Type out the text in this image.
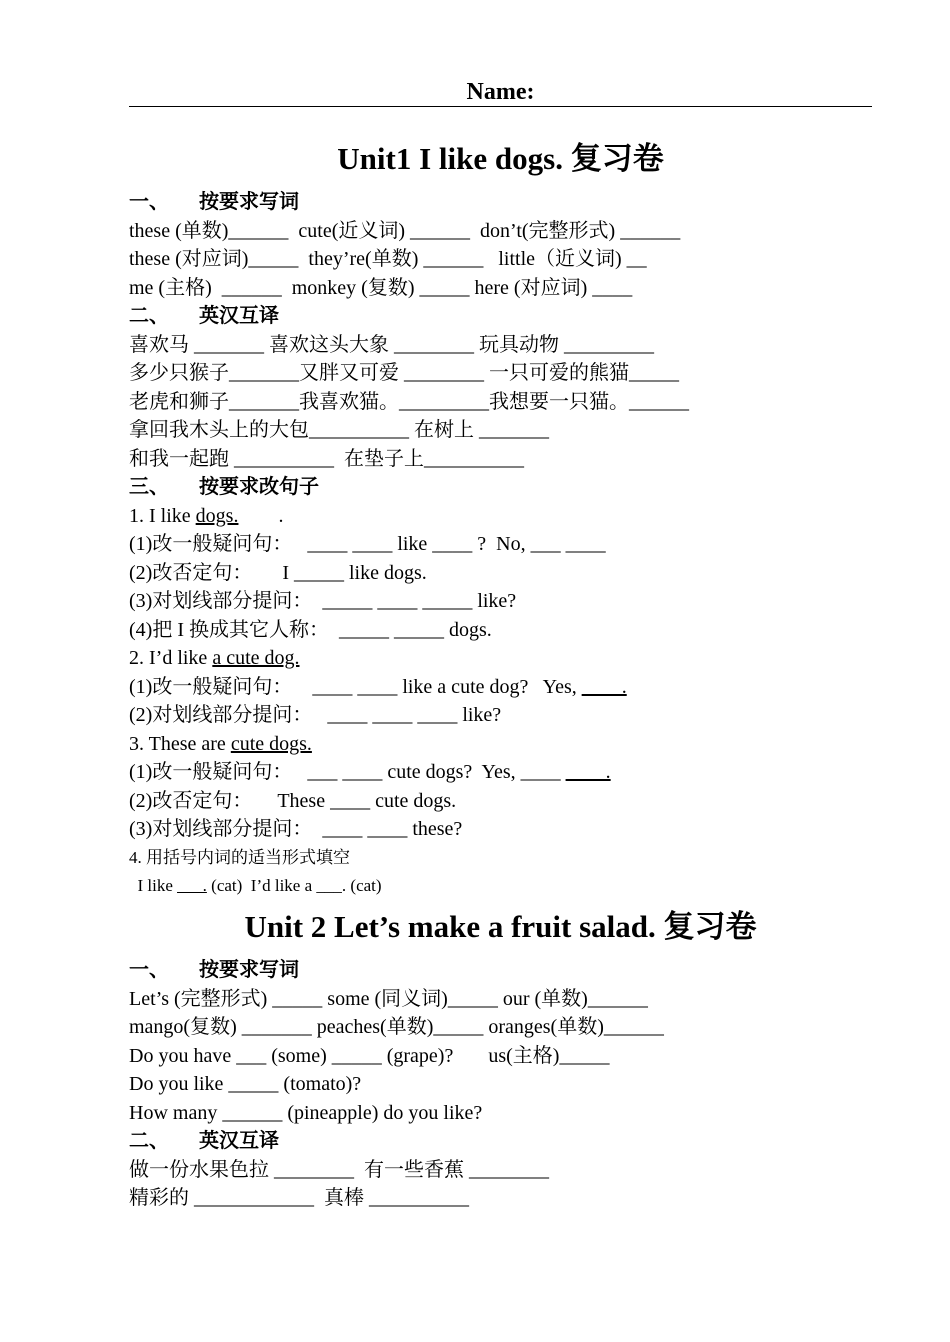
Name:
Unit1 I like dogs. 复习卷
一、      按要求写词
these (单数)______  cute(近义词) ______  don’t(完整形式) ______
these (对应词)_____  they’re(单数) ______   little（近义词) __
me (主格)  ______  monkey (复数) _____ here (对应词) ____
二、      英汉互译
喜欢马 _______ 喜欢这头大象 ________ 玩具动物 _________
多少只猴子_______又胖又可爱 ________ 一只可爱的熊猫_____
老虎和狮子_______我喜欢猫。_________我想要一只猫。______
拿回我木头上的大包__________ 在树上 _______
和我一起跑 __________  在垫子上__________
三、      按要求改句子
1. I like dogs.        .
(1)改一般疑问句：   ____ ____ like ____ ?  No, ___ ____
(2)改否定句：      I _____ like dogs.
(3)对划线部分提问：  _____ ____ _____ like?
(4)把 I 换成其它人称：  _____ _____ dogs.
2. I’d like a cute dog.
(1)改一般疑问句：    ____ ____ like a cute dog?   Yes, ____.
(2)对划线部分提问：   ____ ____ ____ like?
3. These are cute dogs.
(1)改一般疑问句：   ___ ____ cute dogs?  Yes, ____ ____.
(2)改否定句：     These ____ cute dogs.
(3)对划线部分提问：  ____ ____ these?
4. 用括号内词的适当形式填空
I like ___. (cat)  I’d like a ___. (cat)
Unit 2 Let’s make a fruit salad. 复习卷
一、      按要求写词
Let’s (完整形式) _____ some (同义词)_____ our (单数)______
mango(复数) _______ peaches(单数)_____ oranges(单数)______
Do you have ___ (some) _____ (grape)?       us(主格)_____
Do you like _____ (tomato)?
How many ______ (pineapple) do you like?
二、      英汉互译
做一份水果色拉 ________  有一些香蕉 ________
精彩的 ____________  真棒 __________
